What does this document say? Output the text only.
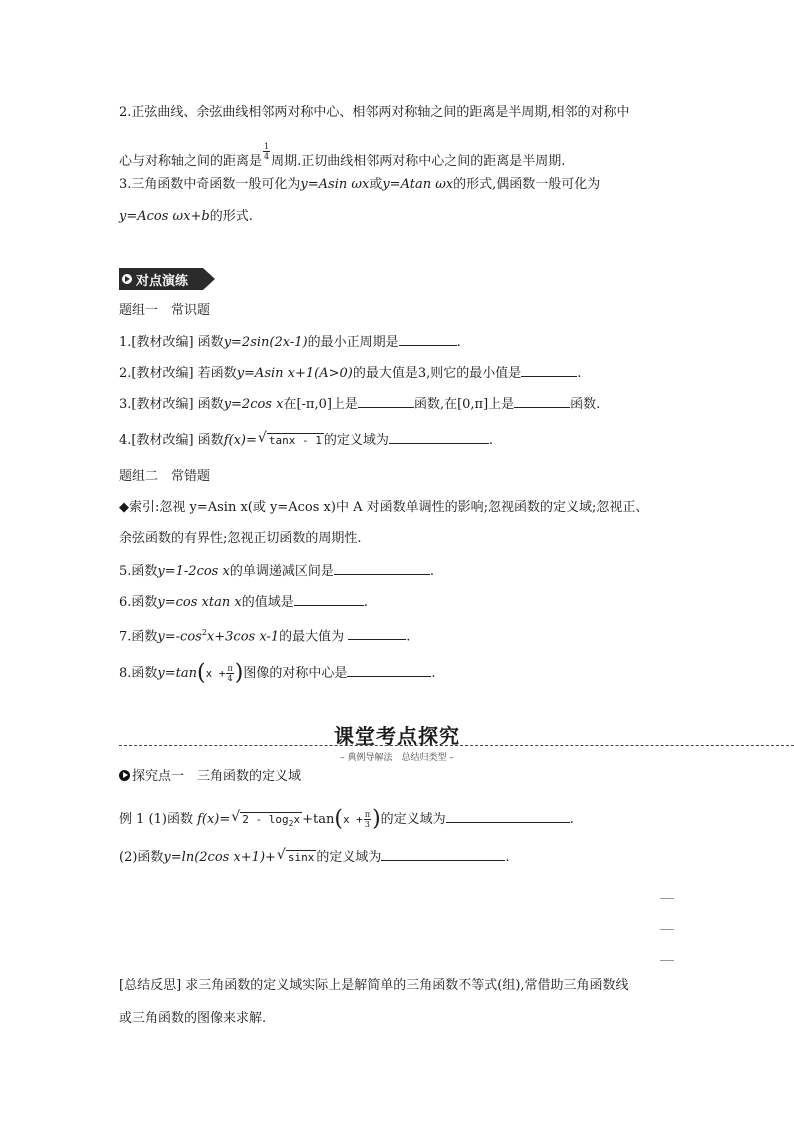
2.正弦曲线、余弦曲线相邻两对称中心、相邻两对称轴之间的距离是半周期,相邻的对称中
心与对称轴之间的距离是
$\frac{1}{4}$
周期.正切曲线相邻两对称中心之间的距离是半周期.
3.三角函数中奇函数一般可化为y=Asin ωx或y=Atan ωx的形式,偶函数一般可化为
y=Acos ωx+b的形式.
对点演练
题组一　常识题
1.[教材改编] 函数y=2sin(2x-1)的最小正周期是	.
2.[教材改编] 若函数y=Asin x+1(A>0)的最大值是3,则它的最小值是	.
3.[教材改编] 函数y=2cos x在[-π,0]上是	函数,在[0,π]上是	函数.
4.[教材改编] 函数f(x)= √ tanx - 1 的定义域为	.
题组二　常错题
◆索引:忽视 y=Asin x(或 y=Acos x)中 A 对函数单调性的影响;忽视函数的定义域;忽视正、
余弦函数的有界性;忽视正切函数的周期性.
5.函数y=1-2cos x的单调递减区间是	.
6.函数y=cos xtan x的值域是	.
7.函数$y=-\cos^2x+3\cos$ x-1的最大值为	.
8.函数$y=\tan(x + \frac{\pi}{4}$ )图像的对称中心是	.
课堂考点探究
– 典例导解法　总结归类型 –
探究点一　三角函数的定义域
例 1 (1)函数 f(x)= √ $2 - \log_2x +\tan(x + \frac{\pi}{3}$ )的定义域为	.
(2)函数y=ln(2cos x+1)+ √ sinx 的定义域为	.
[总结反思] 求三角函数的定义域实际上是解简单的三角函数不等式(组),常借助三角函数线
或三角函数的图像来求解.
